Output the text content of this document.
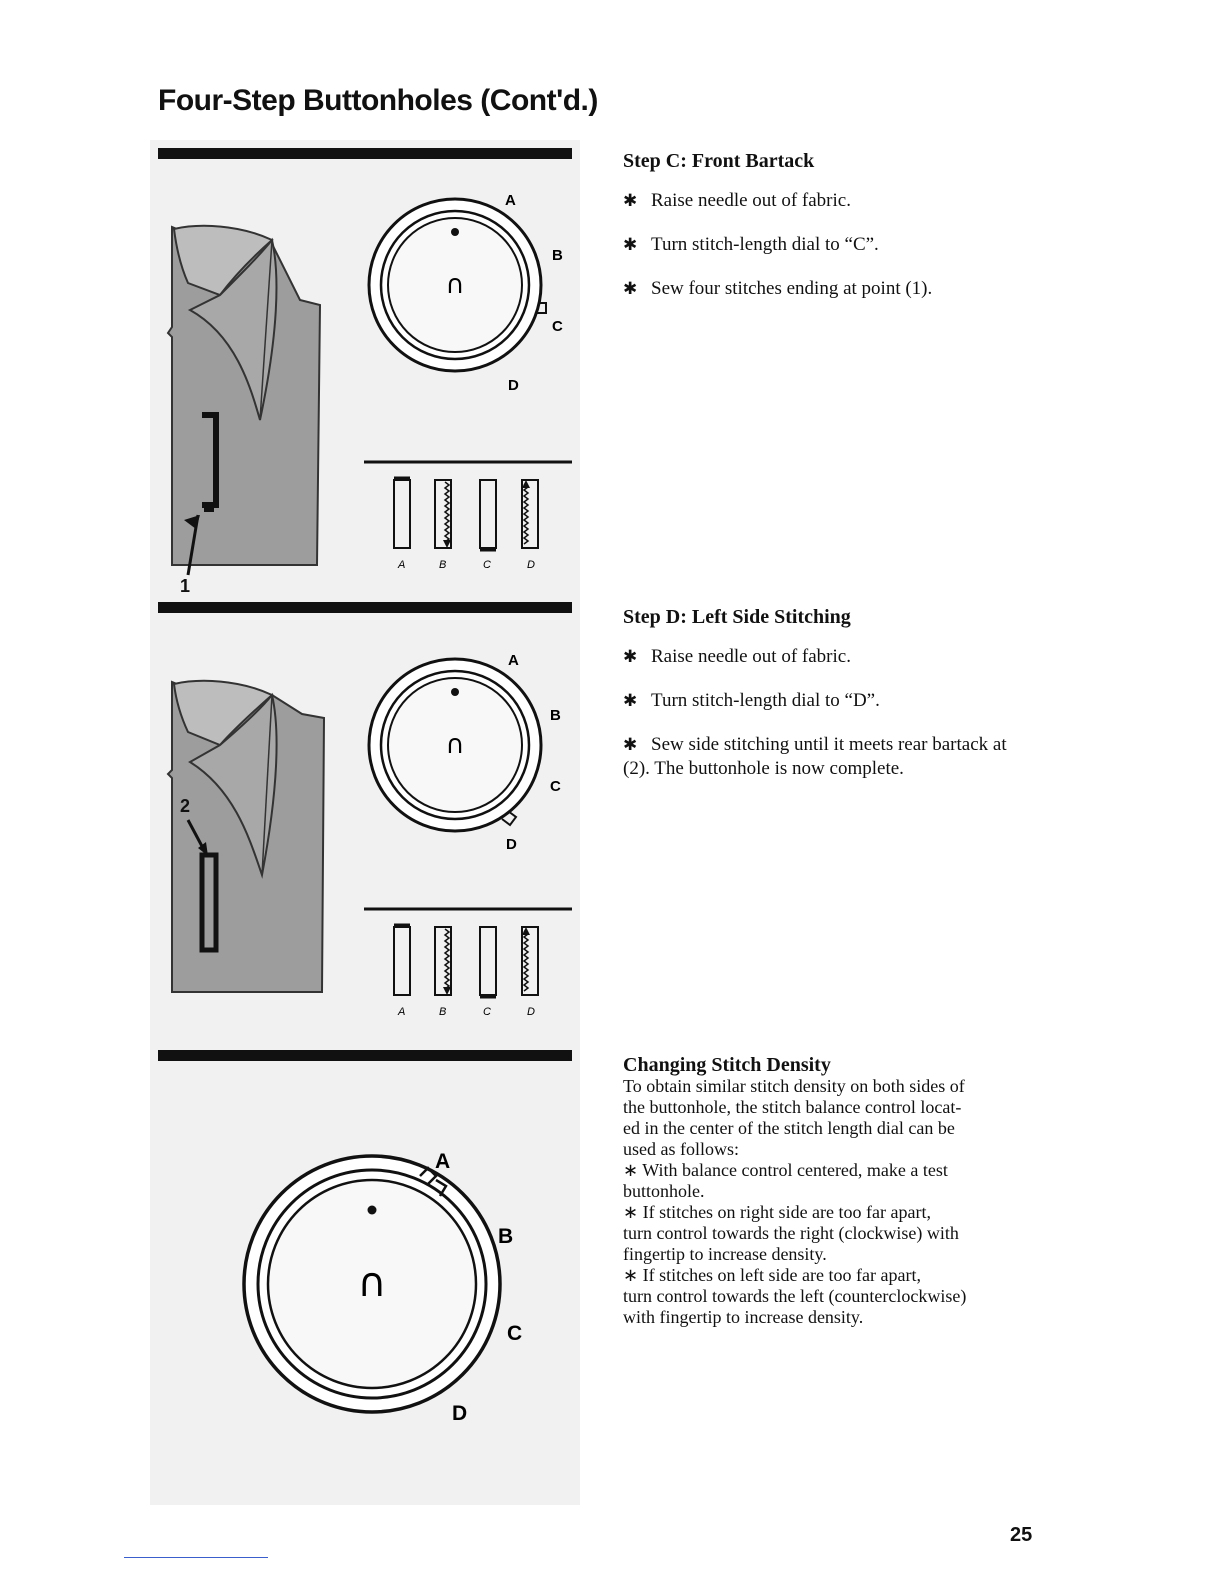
Four-Step Buttonholes (Cont'd.)
1
∩
A
B
C
D
A	B	C	D
2
∩
A
B
C
D
A	B	C	D
∩
A
B
C
D

Step C: Front Bartack

✱ Raise needle out of fabric.

✱ Turn stitch-length dial to “C”.

✱ Sew four stitches ending at point (1).

Step D: Left Side Stitching

✱ Raise needle out of fabric.

✱ Turn stitch-length dial to “D”.

✱ Sew side stitching until it meets rear bartack at (2). The buttonhole is now complete.

Changing Stitch Density

To obtain similar stitch density on both sides of

the buttonhole, the stitch balance control locat-

ed in the center of the stitch length dial can be

used as follows:

∗ With balance control centered, make a test

buttonhole.

∗ If stitches on right side are too far apart,

turn control towards the right (clockwise) with

fingertip to increase density.

∗ If stitches on left side are too far apart,

turn control towards the left (counterclockwise)

with fingertip to increase density.

25
